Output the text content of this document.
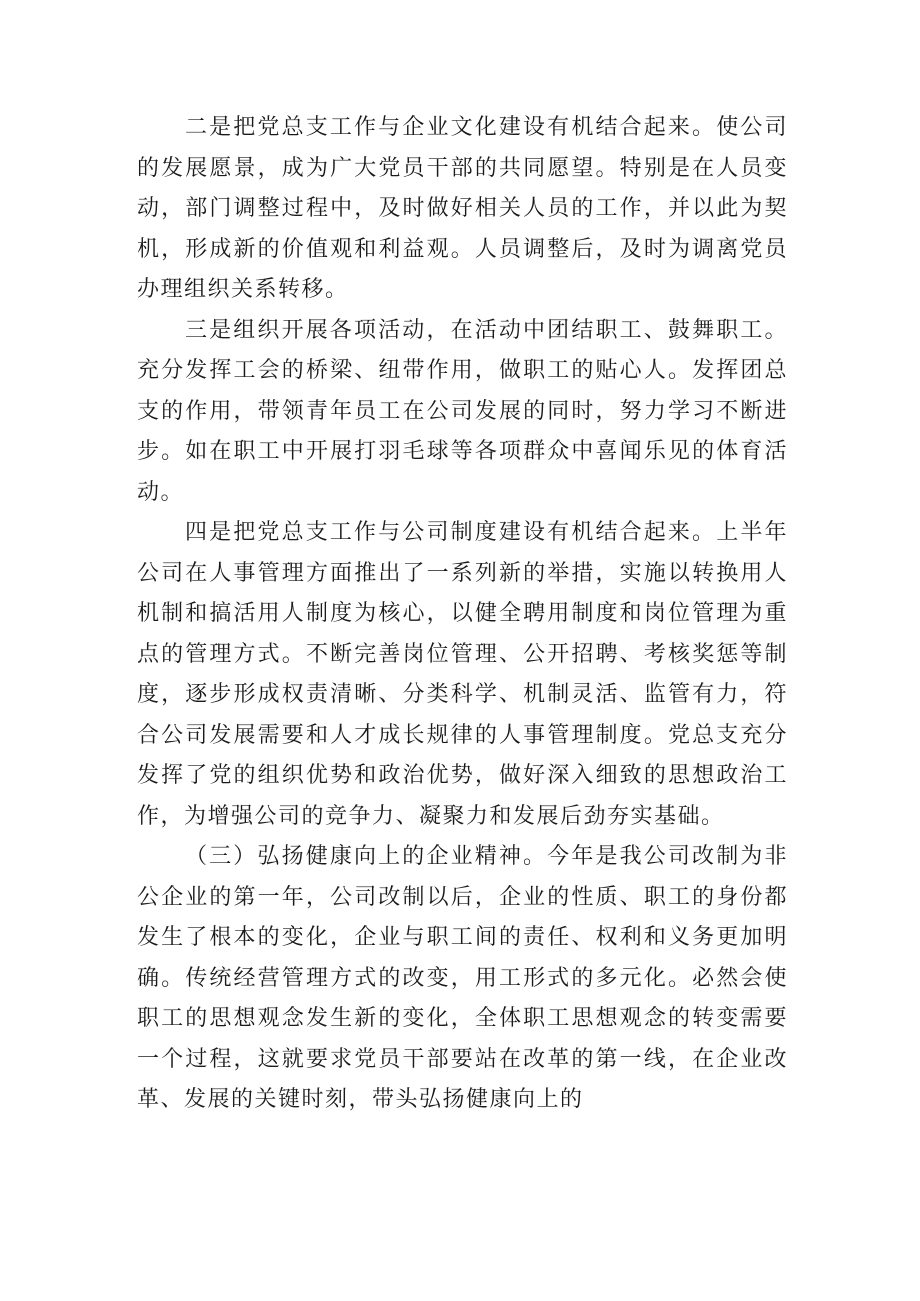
二是把党总支工作与企业文化建设有机结合起来。使公司的发展愿景，成为广大党员干部的共同愿望。特别是在人员变动，部门调整过程中，及时做好相关人员的工作，并以此为契机，形成新的价值观和利益观。人员调整后，及时为调离党员办理组织关系转移。

三是组织开展各项活动，在活动中团结职工、鼓舞职工。充分发挥工会的桥梁、纽带作用，做职工的贴心人。发挥团总支的作用，带领青年员工在公司发展的同时，努力学习不断进步。如在职工中开展打羽毛球等各项群众中喜闻乐见的体育活动。

四是把党总支工作与公司制度建设有机结合起来。上半年公司在人事管理方面推出了一系列新的举措，实施以转换用人机制和搞活用人制度为核心，以健全聘用制度和岗位管理为重点的管理方式。不断完善岗位管理、公开招聘、考核奖惩等制度，逐步形成权责清晰、分类科学、机制灵活、监管有力，符合公司发展需要和人才成长规律的人事管理制度。党总支充分发挥了党的组织优势和政治优势，做好深入细致的思想政治工作，为增强公司的竞争力、凝聚力和发展后劲夯实基础。

（三）弘扬健康向上的企业精神。今年是我公司改制为非公企业的第一年，公司改制以后，企业的性质、职工的身份都发生了根本的变化，企业与职工间的责任、权利和义务更加明确。传统经营管理方式的改变，用工形式的多元化。必然会使职工的思想观念发生新的变化，全体职工思想观念的转变需要一个过程，这就要求党员干部要站在改革的第一线，在企业改革、发展的关键时刻，带头弘扬健康向上的
